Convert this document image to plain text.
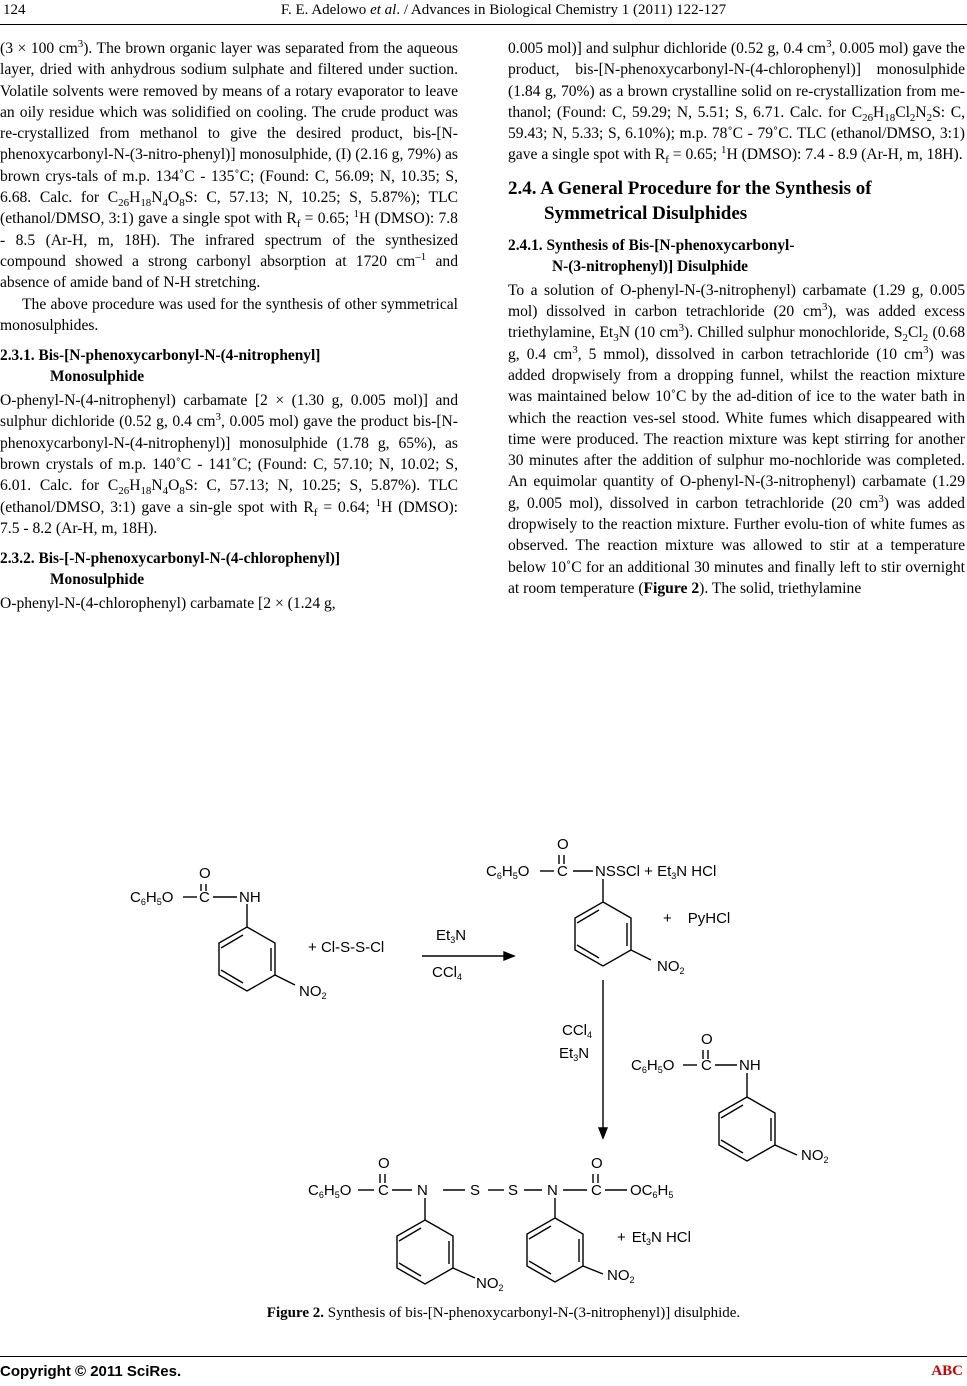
124	F. E. Adelowo et al. / Advances in Biological Chemistry 1 (2011) 122-127

(3 × 100 $cm^3$). The brown organic layer was separated from the aqueous layer, dried with anhydrous sodium sulphate and filtered under suction. Volatile solvents were removed by means of a rotary evaporator to leave an oily residue which was solidified on cooling. The crude product was re-crystallized from methanol to give the desired product, bis-[N-phenoxycarbonyl-N-(3-nitro-phenyl)] monosulphide, (I) (2.16 g, 79%) as brown crys-tals of m.p. 134˚C - 135˚C; (Found: C, 56.09; N, 10.35; S, 6.68. Calc. for $C_{26}H_{18}N_4O_8S$: C, 57.13; N, 10.25; S, 5.87%); TLC (ethanol/DMSO, 3:1) gave a single spot with $R_f = 0.65$; $^1$H (DMSO): 7.8 - 8.5 (Ar-H, m, 18H). The infrared spectrum of the synthesized compound showed a strong carbonyl absorption at 1720 $cm^{-1}$ and absence of amide band of N-H stretching.

The above procedure was used for the synthesis of other symmetrical monosulphides.

2.3.1. Bis-[N-phenoxycarbonyl-N-(4-nitrophenyl]
Monosulphide

O-phenyl-N-(4-nitrophenyl) carbamate [2 × (1.30 g, 0.005 mol)] and sulphur dichloride (0.52 g, 0.4 $cm^3$, 0.005 mol) gave the product bis-[N-phenoxycarbonyl-N-(4-nitrophenyl)] monosulphide (1.78 g, 65%), as brown crystals of m.p. 140˚C - 141˚C; (Found: C, 57.10; N, 10.02; S, 6.01. Calc. for $C_{26}H_{18}N_4O_8S$: C, 57.13; N, 10.25; S, 5.87%). TLC (ethanol/DMSO, 3:1) gave a sin-gle spot with $R_f = 0.64$; $^1$H (DMSO): 7.5 - 8.2 (Ar-H, m, 18H).

2.3.2. Bis-[-N-phenoxycarbonyl-N-(4-chlorophenyl)]
Monosulphide

O-phenyl-N-(4-chlorophenyl) carbamate [2 × (1.24 g,

0.005 mol)] and sulphur dichloride (0.52 g, 0.4 $cm^3$, 0.005 mol) gave the product, bis-[N-phenoxycarbonyl-N-(4-chlorophenyl)] monosulphide (1.84 g, 70%) as a brown crystalline solid on re-crystallization from me-thanol; (Found: C, 59.29; N, 5.51; S, 6.71. Calc. for $C_{26}H_{18}Cl_2N_2S$: C, 59.43; N, 5.33; S, 6.10%); m.p. 78˚C - 79˚C. TLC (ethanol/DMSO, 3:1) gave a single spot with $R_f = 0.65$; $^1$H (DMSO): 7.4 - 8.9 (Ar-H, m, 18H).

2.4. A General Procedure for the Synthesis of
Symmetrical Disulphides
2.4.1. Synthesis of Bis-[N-phenoxycarbonyl-
N-(3-nitrophenyl)] Disulphide

To a solution of O-phenyl-N-(3-nitrophenyl) carbamate (1.29 g, 0.005 mol) dissolved in carbon tetrachloride (20 $cm^3$), was added excess triethylamine, $Et_3N$ (10 $cm^3$). Chilled sulphur monochloride, $S_2Cl_2$ (0.68 g, 0.4 $cm^3$, 5 mmol), dissolved in carbon tetrachloride (10 $cm^3$) was added dropwisely from a dropping funnel, whilst the reaction mixture was maintained below 10˚C by the ad-dition of ice to the water bath in which the reaction ves-sel stood. White fumes which disappeared with time were produced. The reaction mixture was kept stirring for another 30 minutes after the addition of sulphur mo-nochloride was completed. An equimolar quantity of O-phenyl-N-(3-nitrophenyl) carbamate (1.29 g, 0.005 mol), dissolved in carbon tetrachloride (20 $cm^3$) was added dropwisely to the reaction mixture. Further evolu-tion of white fumes as observed. The reaction mixture was allowed to stir at a temperature below 10˚C for an additional 30 minutes and finally left to stir overnight at room temperature (Figure 2). The solid, triethylamine

O
$C_6H_5O$ C NH
$NO_2$
+ Cl-S-S-Cl
$Et_3N$
CCl$_4$
O
$C_6H_5O$ C NSSCl + $Et_3N$ HCl
+ PyHCl
$NO_2$
CCl$_4$
$Et_3N$
O
$C_6H_5O$ C NH
$NO_2$
O
$C_6H_5O$ C N	S S N
O
C $OC_6H_5$
$NO_2$
$NO_2$
+ $Et_3N$ HCl
Figure 2. Synthesis of bis-[N-phenoxycarbonyl-N-(3-nitrophenyl)] disulphide.
Copyright © 2011 SciRes.	ABC
